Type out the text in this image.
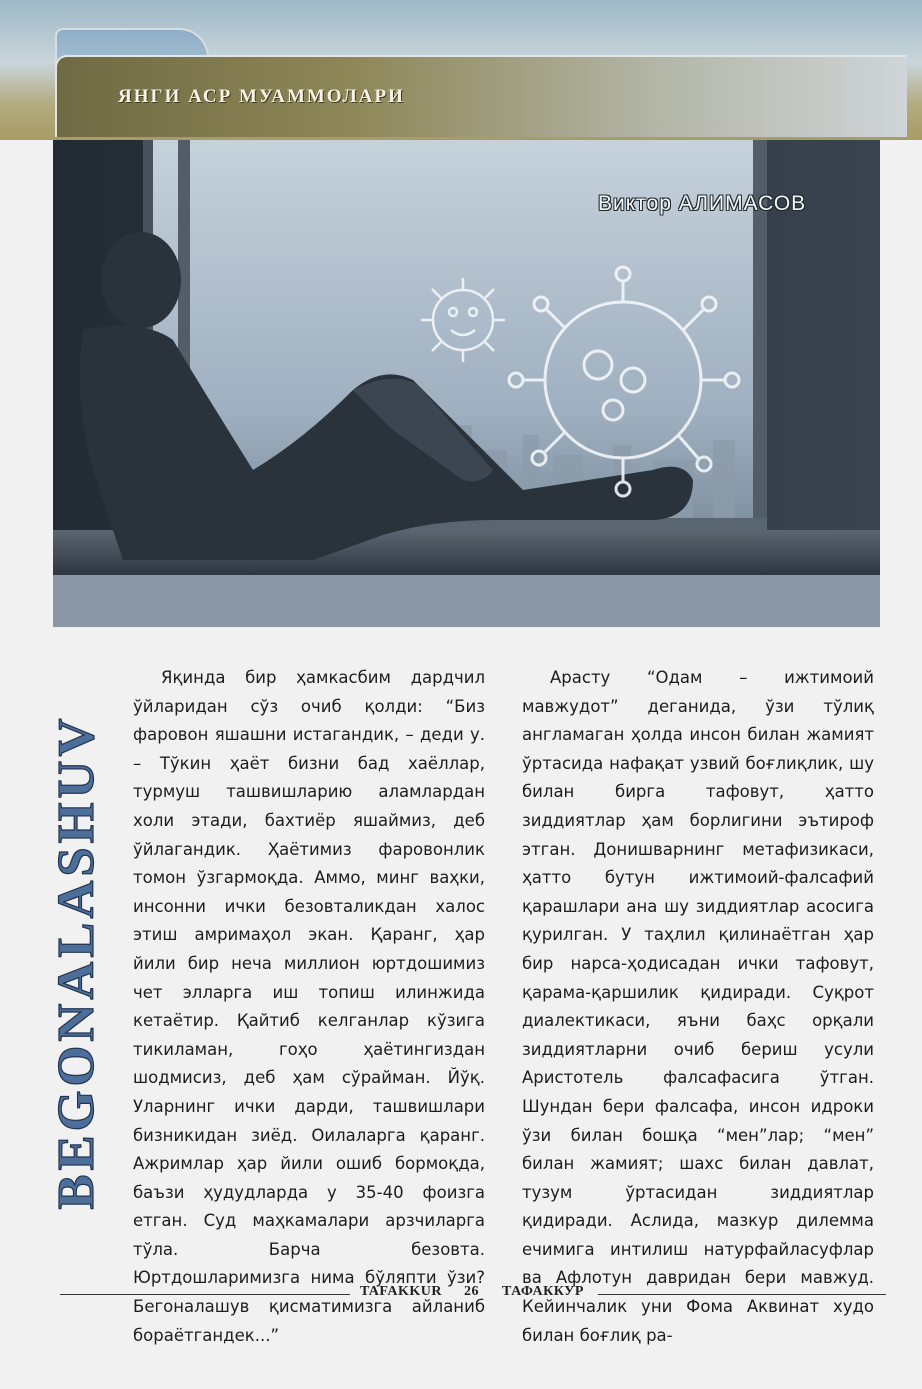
ЯНГИ АСР МУАММОЛАРИ
Виктор АЛИМАСОВ
BEGONALASHUV

Яқинда бир ҳамкасбим дардчил ўйларидан сўз очиб қолди: “Биз фаровон яшашни истагандик, – деди у. – Тўкин ҳаёт бизни бад хаёллар, турмуш ташвишларию аламлардан холи этади, бахтиёр яшаймиз, деб ўйлагандик. Ҳаётимиз фаровонлик томон ўзгармоқда. Аммо, минг ваҳки, инсонни ички безовталикдан халос этиш амримаҳол экан. Қаранг, ҳар йили бир неча миллион юртдошимиз чет элларга иш топиш илинжида кетаётир. Қайтиб келганлар кўзига тикиламан, гоҳо ҳаётингиздан шодмисиз, деб ҳам сўрайман. Йўқ. Уларнинг ички дарди, ташвишлари бизникидан зиёд. Оилаларга қаранг. Ажримлар ҳар йили ошиб бормоқда, баъзи ҳудудларда у 35-40 фоизга етган. Суд маҳкамалари арзчиларга тўла. Барча безовта. Юртдошларимизга нима бўляпти ўзи? Бегоналашув қисматимизга айланиб бораётгандек...”

Арасту “Одам – ижтимоий мавжудот” деганида, ўзи тўлиқ англамаган ҳолда инсон билан жамият ўртасида нафақат узвий боғлиқлик, шу билан бирга тафовут, ҳатто зиддиятлар ҳам борлигини эътироф этган. Донишварнинг метафизикаси, ҳатто бутун ижтимоий-фалсафий қарашлари ана шу зиддиятлар асосига қурилган. У таҳлил қилинаётган ҳар бир нарса-ҳодисадан ички тафовут, қарама-қаршилик қидиради. Суқрот диалектикаси, яъни баҳс орқали зиддиятларни очиб бериш усули Аристотель фалсафасига ўтган. Шундан бери фалсафа, инсон идроки ўзи билан бошқа “мен”лар; “мен” билан жамият; шахс билан давлат, тузум ўртасидан зиддиятлар қидиради. Аслида, мазкур дилемма ечимига интилиш натурфайласуфлар ва Афлотун давридан бери мавжуд. Кейинчалик уни Фома Аквинат худо билан боғлиқ ра-

TAFAKKUR 26 ТАФАККУР
